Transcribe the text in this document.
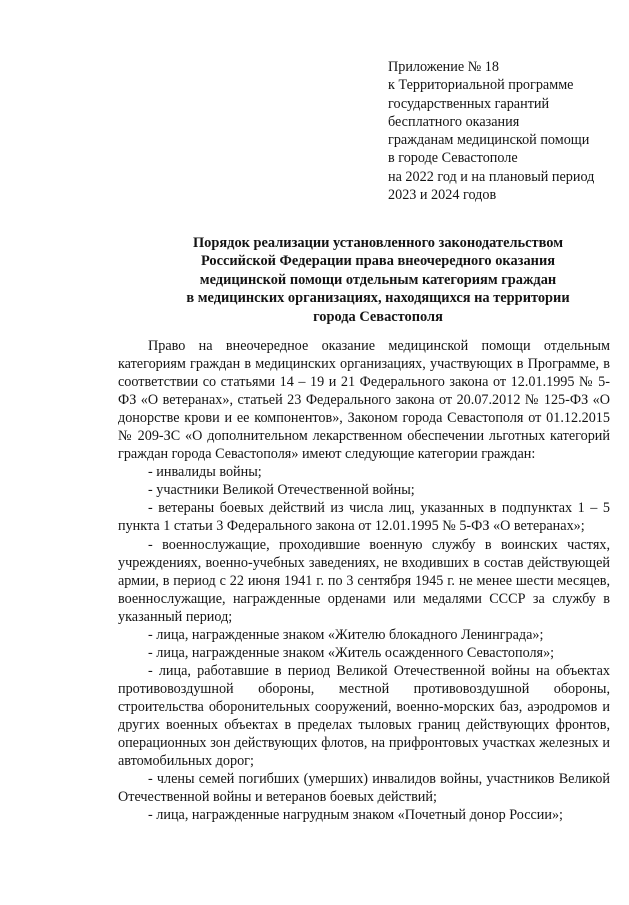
Приложение № 18
к Территориальной программе
государственных гарантий
бесплатного оказания
гражданам медицинской помощи
в городе Севастополе
на 2022 год и на плановый период
2023 и 2024 годов
Порядок реализации установленного законодательством
Российской Федерации права внеочередного оказания
медицинской помощи отдельным категориям граждан
в медицинских организациях, находящихся на территории
города Севастополя

Право на внеочередное оказание медицинской помощи отдельным категориям граждан в медицинских организациях, участвующих в Программе, в соответствии со статьями 14 – 19 и 21 Федерального закона от 12.01.1995 № 5-ФЗ «О ветеранах», статьей 23 Федерального закона от 20.07.2012 № 125-ФЗ «О донорстве крови и ее компонентов», Законом города Севастополя от 01.12.2015 № 209-ЗС «О дополнительном лекарственном обеспечении льготных категорий граждан города Севастополя» имеют следующие категории граждан:

- инвалиды войны;

- участники Великой Отечественной войны;

- ветераны боевых действий из числа лиц, указанных в подпунктах 1 – 5 пункта 1 статьи 3 Федерального закона от 12.01.1995 № 5-ФЗ «О ветеранах»;

- военнослужащие, проходившие военную службу в воинских частях, учреждениях, военно-учебных заведениях, не входивших в состав действующей армии, в период с 22 июня 1941 г. по 3 сентября 1945 г. не менее шести месяцев, военнослужащие, награжденные орденами или медалями СССР за службу в указанный период;

- лица, награжденные знаком «Жителю блокадного Ленинграда»;

- лица, награжденные знаком «Житель осажденного Севастополя»;

- лица, работавшие в период Великой Отечественной войны на объектах противовоздушной обороны, местной противовоздушной обороны, строительства оборонительных сооружений, военно-морских баз, аэродромов и других военных объектах в пределах тыловых границ действующих фронтов, операционных зон действующих флотов, на прифронтовых участках железных и автомобильных дорог;

- члены семей погибших (умерших) инвалидов войны, участников Великой Отечественной войны и ветеранов боевых действий;

- лица, награжденные нагрудным знаком «Почетный донор России»;
